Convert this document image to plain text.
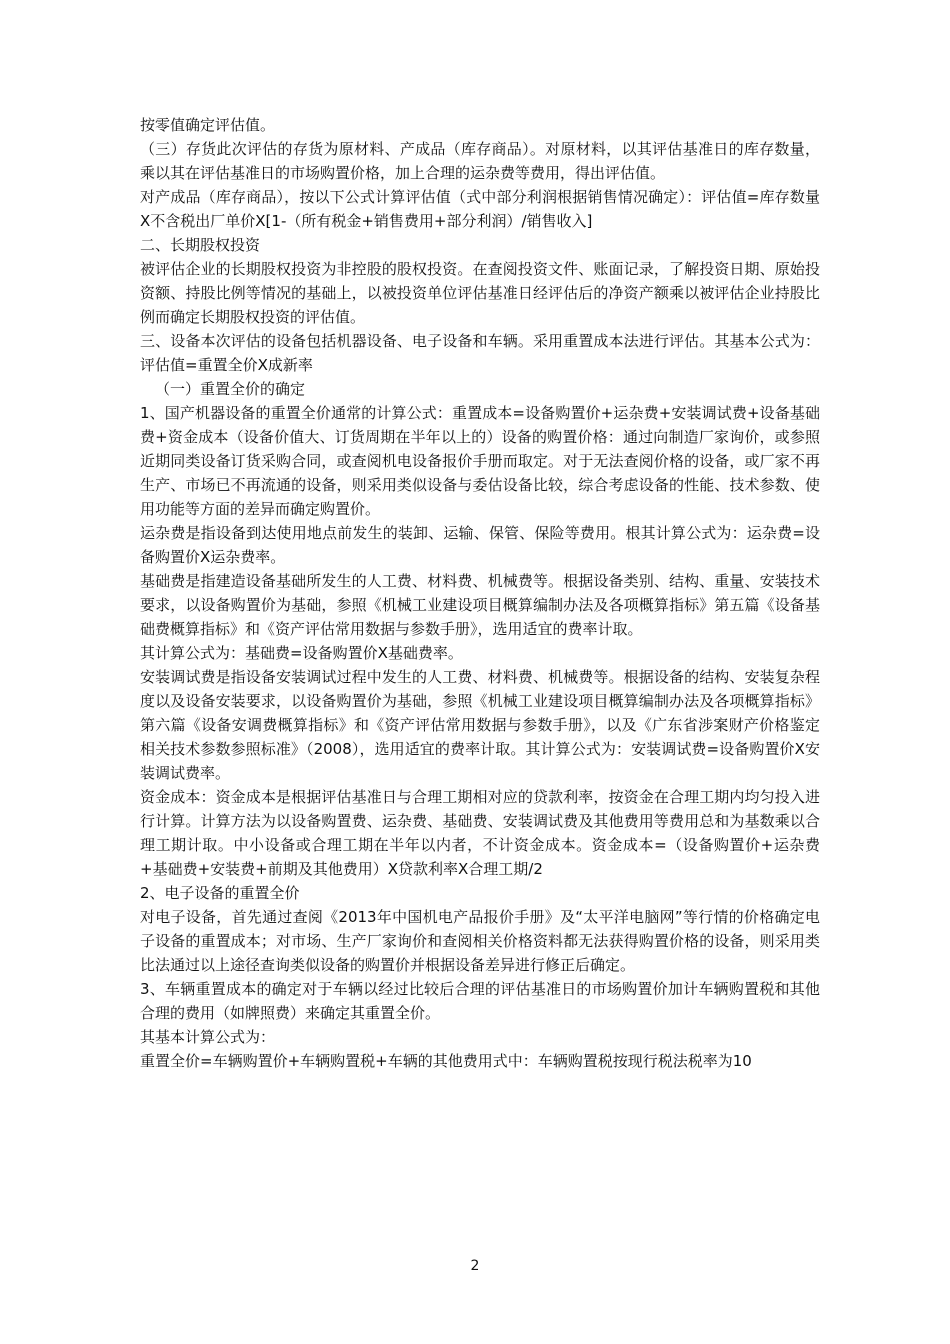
按零值确定评估值。

（三）存货此次评估的存货为原材料、产成品（库存商品）。对原材料，以其评估基准日的库存数量，乘以其在评估基准日的市场购置价格，加上合理的运杂费等费用，得出评估值。

对产成品（库存商品），按以下公式计算评估值（式中部分利润根据销售情况确定）：评估值=库存数量X不含税出厂单价X[1-（所有税金+销售费用+部分利润）/销售收入]

二、长期股权投资

被评估企业的长期股权投资为非控股的股权投资。在查阅投资文件、账面记录，了解投资日期、原始投资额、持股比例等情况的基础上，以被投资单位评估基准日经评估后的净资产额乘以被评估企业持股比例而确定长期股权投资的评估值。

三、设备本次评估的设备包括机器设备、电子设备和车辆。采用重置成本法进行评估。其基本公式为：评估值=重置全价X成新率

（一）重置全价的确定

1、国产机器设备的重置全价通常的计算公式：重置成本=设备购置价+运杂费+安装调试费+设备基础费+资金成本（设备价值大、订货周期在半年以上的）设备的购置价格：通过向制造厂家询价，或参照近期同类设备订货采购合同，或查阅机电设备报价手册而取定。对于无法查阅价格的设备，或厂家不再生产、市场已不再流通的设备，则采用类似设备与委估设备比较，综合考虑设备的性能、技术参数、使用功能等方面的差异而确定购置价。

运杂费是指设备到达使用地点前发生的装卸、运输、保管、保险等费用。根其计算公式为：运杂费=设备购置价X运杂费率。

基础费是指建造设备基础所发生的人工费、材料费、机械费等。根据设备类别、结构、重量、安装技术要求，以设备购置价为基础，参照《机械工业建设项目概算编制办法及各项概算指标》第五篇《设备基础费概算指标》和《资产评估常用数据与参数手册》，选用适宜的费率计取。

其计算公式为：基础费=设备购置价X基础费率。

安装调试费是指设备安装调试过程中发生的人工费、材料费、机械费等。根据设备的结构、安装复杂程度以及设备安装要求，以设备购置价为基础，参照《机械工业建设项目概算编制办法及各项概算指标》第六篇《设备安调费概算指标》和《资产评估常用数据与参数手册》，以及《广东省涉案财产价格鉴定相关技术参数参照标准》（2008），选用适宜的费率计取。其计算公式为：安装调试费=设备购置价X安装调试费率。

资金成本：资金成本是根据评估基准日与合理工期相对应的贷款利率，按资金在合理工期内均匀投入进行计算。计算方法为以设备购置费、运杂费、基础费、安装调试费及其他费用等费用总和为基数乘以合理工期计取。中小设备或合理工期在半年以内者，不计资金成本。资金成本=（设备购置价+运杂费+基础费+安装费+前期及其他费用）X贷款利率X合理工期/2

2、电子设备的重置全价

对电子设备，首先通过查阅《2013年中国机电产品报价手册》及“太平洋电脑网”等行情的价格确定电子设备的重置成本；对市场、生产厂家询价和查阅相关价格资料都无法获得购置价格的设备，则采用类比法通过以上途径查询类似设备的购置价并根据设备差异进行修正后确定。

3、车辆重置成本的确定对于车辆以经过比较后合理的评估基准日的市场购置价加计车辆购置税和其他合理的费用（如牌照费）来确定其重置全价。

其基本计算公式为：

重置全价=车辆购置价+车辆购置税+车辆的其他费用式中：车辆购置税按现行税法税率为10

2
